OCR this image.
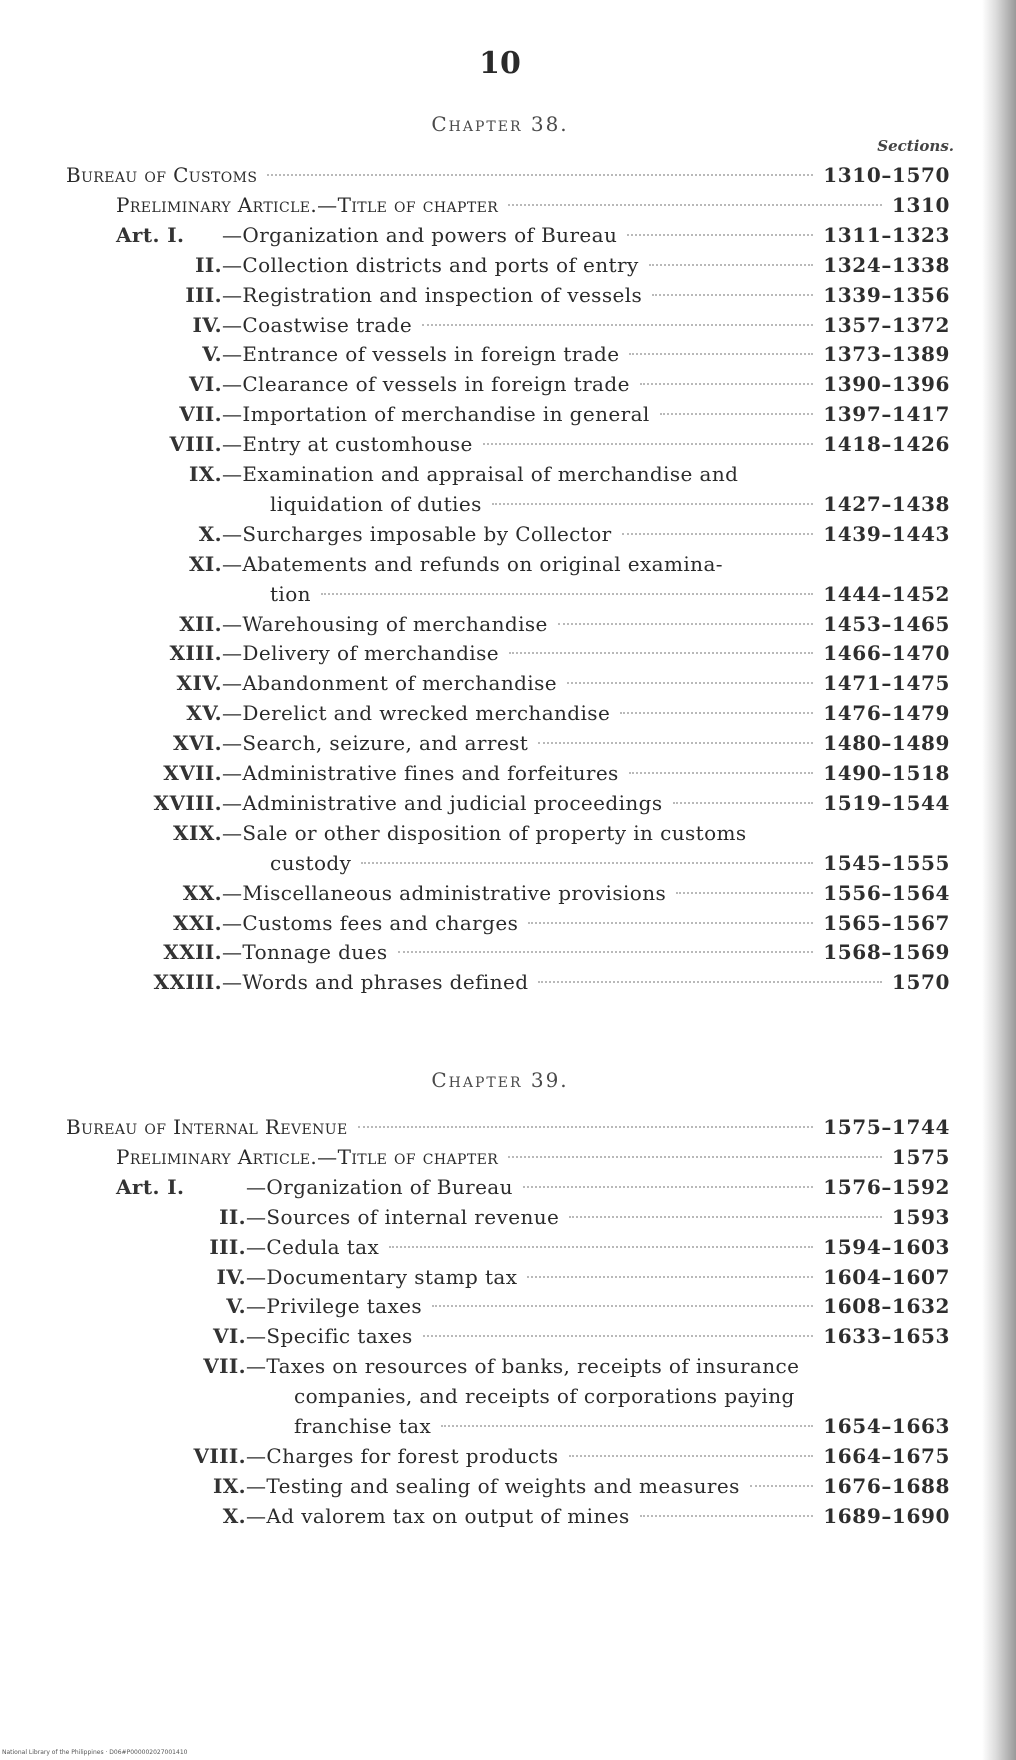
10
Chapter 38.
Sections.
Bureau of Customs	1310–1570
Preliminary Article.—Title of chapter	1310
Art. I.	—Organization and powers of Bureau	1311–1323
II. —Collection districts and ports of entry	1324–1338
III. —Registration and inspection of vessels	1339–1356
IV. —Coastwise trade	1357–1372
V. —Entrance of vessels in foreign trade	1373–1389
VI. —Clearance of vessels in foreign trade	1390–1396
VII. —Importation of merchandise in general	1397–1417
VIII. —Entry at customhouse	1418–1426
IX. —Examination and appraisal of merchandise and
liquidation of duties	1427–1438
X. —Surcharges imposable by Collector	1439–1443
XI. —Abatements and refunds on original examina-
tion	1444–1452
XII. —Warehousing of merchandise	1453–1465
XIII. —Delivery of merchandise	1466–1470
XIV. —Abandonment of merchandise	1471–1475
XV. —Derelict and wrecked merchandise	1476–1479
XVI. —Search, seizure, and arrest	1480–1489
XVII. —Administrative fines and forfeitures	1490–1518
XVIII. —Administrative and judicial proceedings	1519–1544
XIX. —Sale or other disposition of property in customs
custody	1545–1555
XX. —Miscellaneous administrative provisions	1556–1564
XXI. —Customs fees and charges	1565–1567
XXII. —Tonnage dues	1568–1569
XXIII. —Words and phrases defined	1570
Chapter 39.
Bureau of Internal Revenue	1575–1744
Preliminary Article.—Title of chapter	1575
Art. I.	—Organization of Bureau	1576–1592
II. —Sources of internal revenue	1593
III. —Cedula tax	1594–1603
IV. —Documentary stamp tax	1604–1607
V. —Privilege taxes	1608–1632
VI. —Specific taxes	1633–1653
VII. —Taxes on resources of banks, receipts of insurance
companies, and receipts of corporations paying
franchise tax	1654–1663
VIII. —Charges for forest products	1664–1675
IX. —Testing and sealing of weights and measures	1676–1688
X. —Ad valorem tax on output of mines	1689–1690
National Library of the Philippines · D06#P000002027001410
